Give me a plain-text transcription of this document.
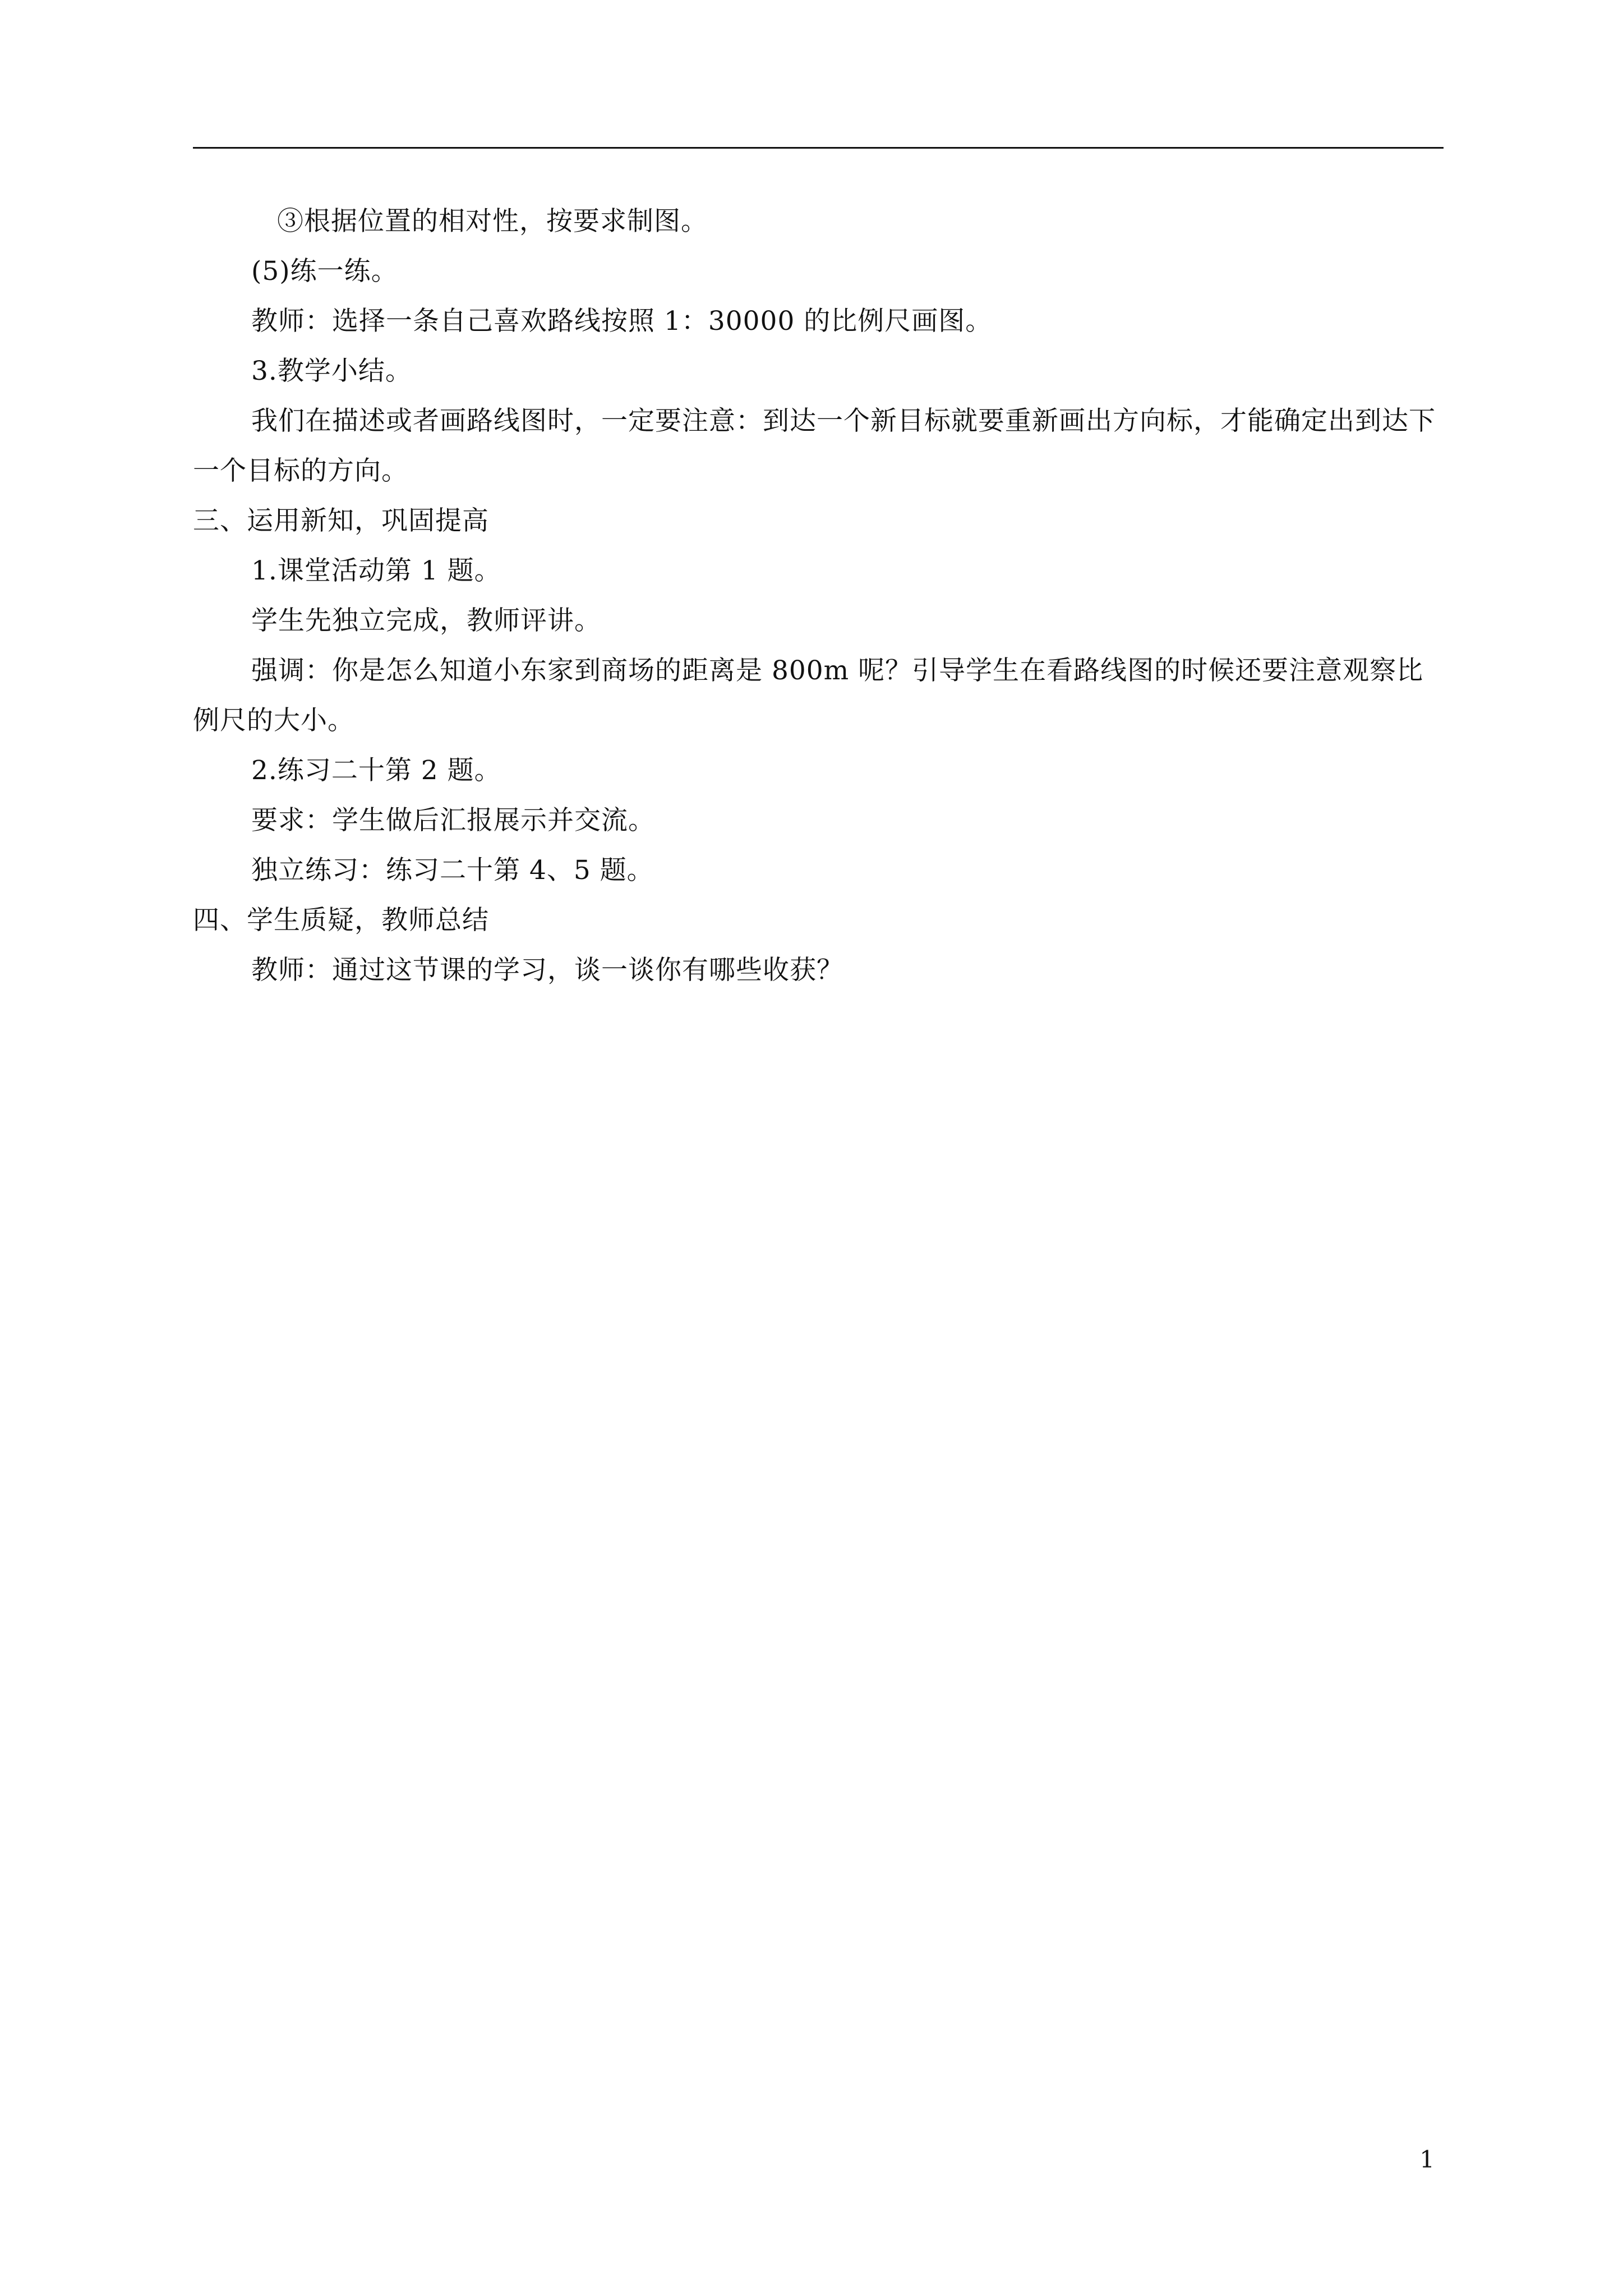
③根据位置的相对性，按要求制图。

(5)练一练。

教师：选择一条自己喜欢路线按照 1：30000 的比例尺画图。

3.教学小结。

我们在描述或者画路线图时，一定要注意：到达一个新目标就要重新画出方向标，才能确定出到达下一个目标的方向。

三、运用新知，巩固提高

1.课堂活动第 1 题。

学生先独立完成，教师评讲。

强调：你是怎么知道小东家到商场的距离是 800m 呢？引导学生在看路线图的时候还要注意观察比例尺的大小。

2.练习二十第 2 题。

要求：学生做后汇报展示并交流。

独立练习：练习二十第 4、5 题。

四、学生质疑，教师总结

教师：通过这节课的学习，谈一谈你有哪些收获？

1
